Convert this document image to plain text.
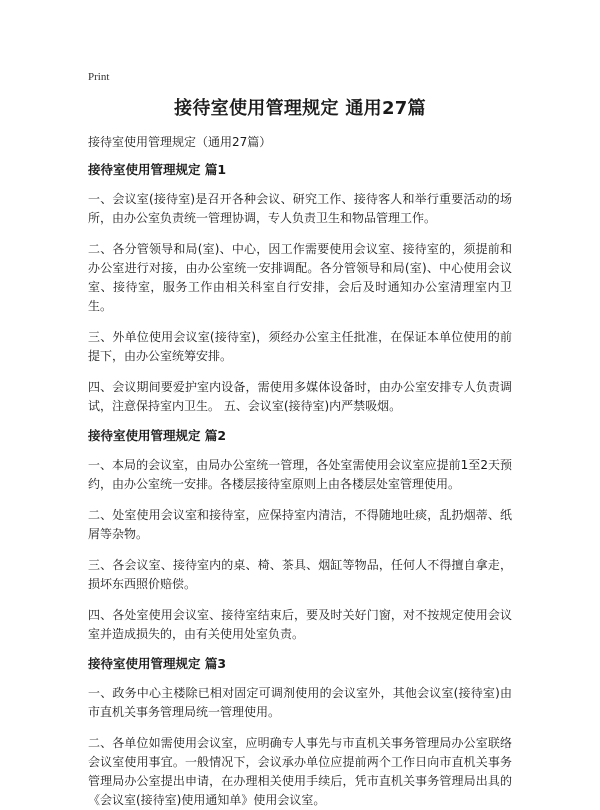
Print
接待室使用管理规定 通用27篇
接待室使用管理规定（通用27篇）
接待室使用管理规定 篇1

一、会议室(接待室)是召开各种会议、研究工作、接待客人和举行重要活动的场所，由办公室负责统一管理协调，专人负责卫生和物品管理工作。

二、各分管领导和局(室)、中心，因工作需要使用会议室、接待室的，须提前和办公室进行对接，由办公室统一安排调配。各分管领导和局(室)、中心使用会议室、接待室，服务工作由相关科室自行安排，会后及时通知办公室清理室内卫生。

三、外单位使用会议室(接待室)，须经办公室主任批准，在保证本单位使用的前提下，由办公室统筹安排。

四、会议期间要爱护室内设备，需使用多媒体设备时，由办公室安排专人负责调试，注意保持室内卫生。 五、会议室(接待室)内严禁吸烟。

接待室使用管理规定 篇2

一、本局的会议室，由局办公室统一管理，各处室需使用会议室应提前1至2天预约，由办公室统一安排。各楼层接待室原则上由各楼层处室管理使用。

二、处室使用会议室和接待室，应保持室内清洁，不得随地吐痰，乱扔烟蒂、纸屑等杂物。

三、各会议室、接待室内的桌、椅、茶具、烟缸等物品，任何人不得擅自拿走，损坏东西照价赔偿。

四、各处室使用会议室、接待室结束后，要及时关好门窗，对不按规定使用会议室并造成损失的，由有关使用处室负责。

接待室使用管理规定 篇3

一、政务中心主楼除已相对固定可调剂使用的会议室外，其他会议室(接待室)由市直机关事务管理局统一管理使用。

二、各单位如需使用会议室，应明确专人事先与市直机关事务管理局办公室联络会议室使用事宜。一般情况下，会议承办单位应提前两个工作日向市直机关事务管理局办公室提出申请，在办理相关使用手续后，凭市直机关事务管理局出具的《会议室(接待室)使用通知单》使用会议室。
